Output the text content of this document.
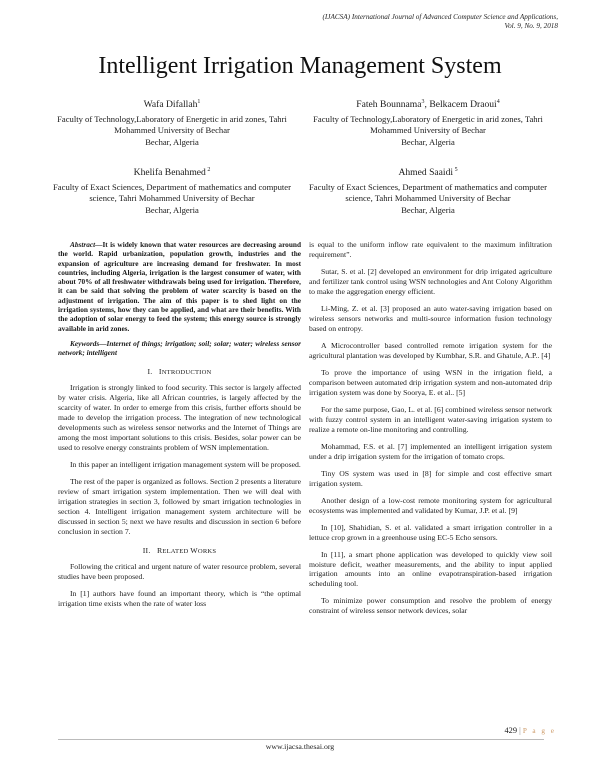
(IJACSA) International Journal of Advanced Computer Science and Applications,
Vol. 9, No. 9, 2018
Intelligent Irrigation Management System
Wafa Difallah$^1$
Faculty of Technology,Laboratory of Energetic in arid zones, Tahri Mohammed University of Bechar
Bechar, Algeria
Fateh Bounnama$^3$, Belkacem Draoui$^4$
Faculty of Technology,Laboratory of Energetic in arid zones, Tahri Mohammed University of Bechar
Bechar, Algeria
Khelifa Benahmed $^2$
Faculty of Exact Sciences, Department of mathematics and computer science, Tahri Mohammed University of Bechar
Bechar, Algeria
Ahmed Saaidi $^5$
Faculty of Exact Sciences, Department of mathematics and computer science, Tahri Mohammed University of Bechar
Bechar, Algeria
Abstract—It is widely known that water resources are decreasing around the world. Rapid urbanization, population growth, industries and the expansion of agriculture are increasing demand for freshwater. In most countries, including Algeria, irrigation is the largest consumer of water, with about 70% of all freshwater withdrawals being used for irrigation. Therefore, it can be said that solving the problem of water scarcity is based on the adjustment of irrigation. The aim of this paper is to shed light on the irrigation systems, how they can be applied, and what are their benefits. With the adoption of solar energy to feed the system; this energy source is strongly available in arid zones.
Keywords—Internet of things; irrigation; soil; solar; water; wireless sensor network; intelligent
I. INTRODUCTION

Irrigation is strongly linked to food security. This sector is largely affected by water crisis. Algeria, like all African countries, is largely affected by the scarcity of water. In order to emerge from this crisis, further efforts should be made to develop the irrigation process. The integration of new technological developments such as wireless sensor networks and the Internet of Things are among the most important solutions to this crisis. Besides, solar power can be used to resolve energy constraints problem of WSN implementation.

In this paper an intelligent irrigation management system will be proposed.

The rest of the paper is organized as follows. Section 2 presents a literature review of smart irrigation system implementation. Then we will deal with irrigation strategies in section 3, followed by smart irrigation technologies in section 4. Intelligent irrigation management system architecture will be discussed in section 5; next we have results and discussion in section 6 before conclusion in section 7.

II. RELATED WORKS

Following the critical and urgent nature of water resource problem, several studies have been proposed.

In [1] authors have found an important theory, which is “the optimal irrigation time exists when the rate of water loss

is equal to the uniform inflow rate equivalent to the maximum infiltration requirement”.

Sutar, S. et al. [2] developed an environment for drip irrigated agriculture and fertilizer tank control using WSN technologies and Ant Colony Algorithm to make the aggregation energy efficient.

Li-Ming, Z. et al. [3] proposed an auto water-saving irrigation based on wireless sensors networks and multi-source information fusion technology based on entropy.

A Microcontroller based controlled remote irrigation system for the agricultural plantation was developed by Kumbhar, S.R. and Ghatule, A.P.. [4]

To prove the importance of using WSN in the irrigation field, a comparison between automated drip irrigation system and non-automated drip irrigation system was done by Soorya, E. et al.. [5]

For the same purpose, Gao, L. et al. [6] combined wireless sensor network with fuzzy control system in an intelligent water-saving irrigation system to realize a remote on-line monitoring and controlling.

Mohammad, F.S. et al. [7] implemented an intelligent irrigation system under a drip irrigation system for the irrigation of tomato crops.

Tiny OS system was used in [8] for simple and cost effective smart irrigation system.

Another design of a low-cost remote monitoring system for agricultural ecosystems was implemented and validated by Kumar, J.P. et al. [9]

In [10], Shahidian, S. et al. validated a smart irrigation controller in a lettuce crop grown in a greenhouse using EC-5 Echo sensors.

In [11], a smart phone application was developed to quickly view soil moisture deficit, weather measurements, and the ability to input applied irrigation amounts into an online evapotranspiration-based irrigation scheduling tool.

To minimize power consumption and resolve the problem of energy constraint of wireless sensor network devices, solar

429 | P a g e
www.ijacsa.thesai.org
